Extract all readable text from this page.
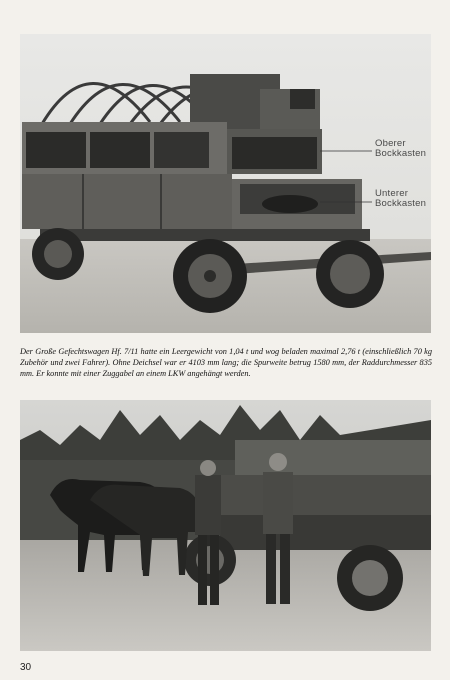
Oberer
Bockkasten
Unterer
Bockkasten

Der Große Gefechtswagen Hf. 7/11 hatte ein Leergewicht von 1,04 t und wog beladen maximal 2,76 t (einschließlich 70 kg Zubehör und zwei Fahrer). Ohne Deichsel war er 4103 mm lang; die Spurweite betrug 1580 mm, der Raddurchmesser 835 mm. Er konnte mit einer Zuggabel an einem LKW angehängt werden.

30
